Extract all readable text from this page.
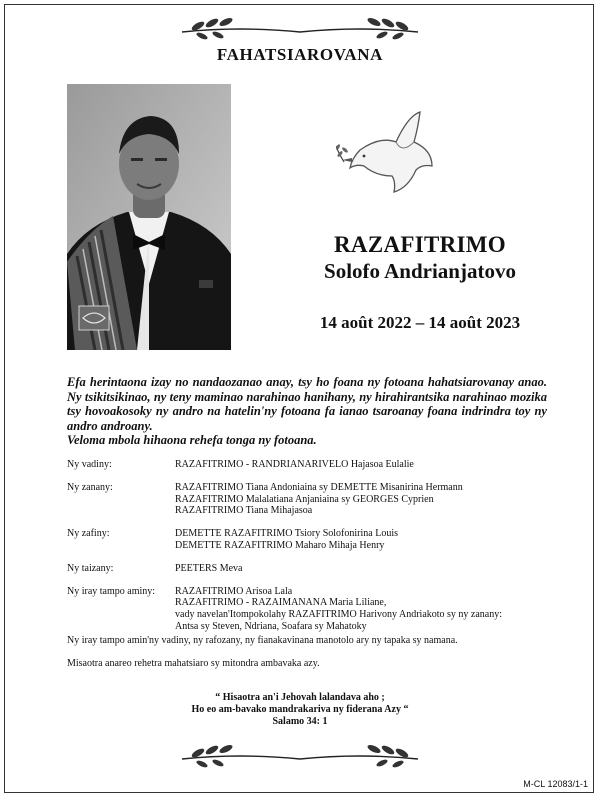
FAHATSIAROVANA
RAZAFITRIMO
Solofo Andrianjatovo
14 août 2022 – 14 août 2023

Efa herintaona izay no nandaozanao anay, tsy ho foana ny fotoana hahatsiarovanay anao. Ny tsikitsikinao, ny teny maminao narahinao hanihany, ny hirahirantsika narahinao mozika tsy hovoakosoky ny andro na hatelin'ny fotoana fa ianao tsaroanay foana indrindra toy ny andro androany.

Veloma mbola hihaona rehefa tonga ny fotoana.

Ny vadiny:	RAZAFITRIMO - RANDRIANARIVELO Hajasoa Eulalie
Ny zanany:	RAZAFITRIMO Tiana Andoniaina sy DEMETTE Misanirina Hermann
RAZAFITRIMO Malalatiana Anjaniaina sy GEORGES Cyprien
RAZAFITRIMO Tiana Mihajasoa
Ny zafiny:	DEMETTE RAZAFITRIMO Tsiory Solofonirina Louis
DEMETTE RAZAFITRIMO Maharo Mihaja Henry
Ny taizany:	PEETERS Meva
Ny iray tampo aminy:	RAZAFITRIMO Arisoa Lala
RAZAFITRIMO - RAZAIMANANA Maria Liliane,
vady navelan'Itompokolahy RAZAFITRIMO Harivony Andriakoto sy ny zanany:
Antsa sy Steven, Ndriana, Soafara sy Mahatoky
Ny iray tampo amin'ny vadiny, ny rafozany, ny fianakavinana manotolo ary ny tapaka sy namana.
Misaotra anareo rehetra mahatsiaro sy mitondra ambavaka azy.
“ Hisaotra an'i Jehovah lalandava aho ;
Ho eo am-bavako mandrakariva ny fiderana Azy “
Salamo 34: 1
M-CL 12083/1-1
